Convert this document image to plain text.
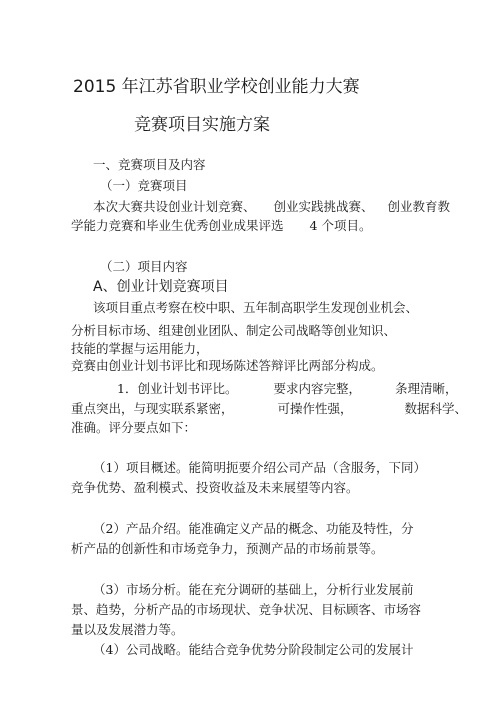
2015 年江苏省职业学校创业能力大赛
竞赛项目实施方案
一、竞赛项目及内容
（一）竞赛项目
本次大赛共设创业计划竞赛、 创业实践挑战赛、 创业教育教
学能力竞赛和毕业生优秀创业成果评选 4 个项目。
（二）项目内容
A、创业计划竞赛项目
该项目重点考察在校中职、五年制高职学生发现创业机会、
分析目标市场、组建创业团队、制定公司战略等创业知识、
技能的掌握与运用能力，
竞赛由创业计划书评比和现场陈述答辩评比两部分构成。
1．创业计划书评比。	要求内容完整，	条理清晰，
重点突出，与现实联系紧密，	可操作性强，	数据科学、
准确。评分要点如下：
（1）项目概述。能简明扼要介绍公司产品（含服务，下同）
竞争优势、盈利模式、投资收益及未来展望等内容。
（2）产品介绍。能准确定义产品的概念、功能及特性，分
析产品的创新性和市场竞争力，预测产品的市场前景等。
（3）市场分析。能在充分调研的基础上，分析行业发展前
景、趋势，分析产品的市场现状、竞争状况、目标顾客、市场容
量以及发展潜力等。
（4）公司战略。能结合竞争优势分阶段制定公司的发展计
